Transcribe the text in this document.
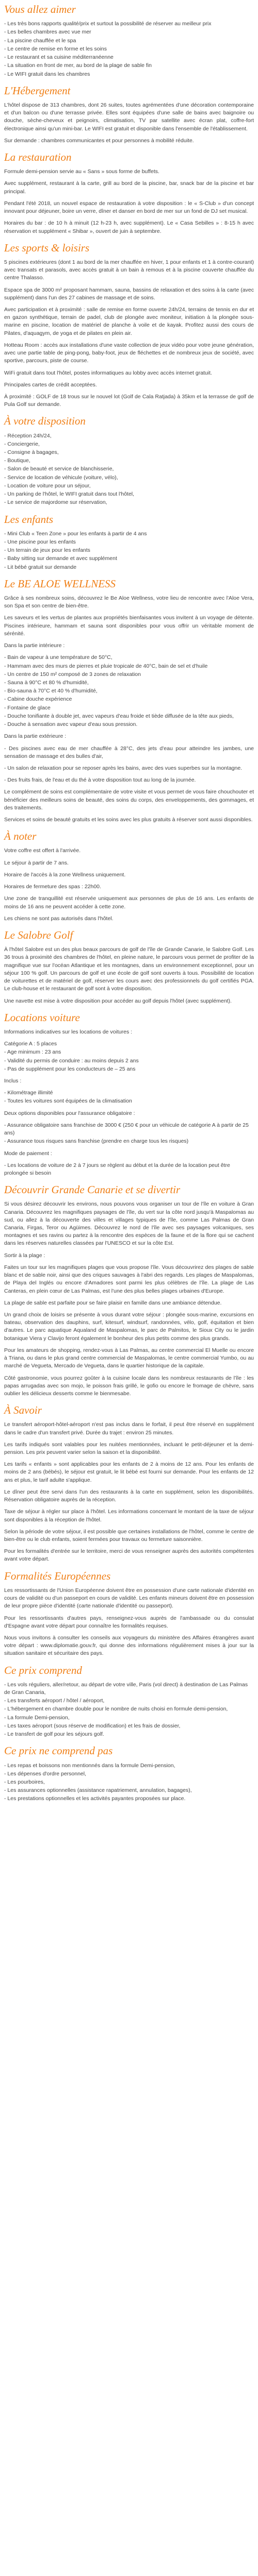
Vous allez aimer
- Les très bons rapports qualité/prix et surtout la possibilité de réserver au meilleur prix
- Les belles chambres avec vue mer
- La piscine chauffée et le spa
- Le centre de remise en forme et les soins
- Le restaurant et sa cuisine méditerranéenne
- La situation en front de mer, au bord de la plage de sable fin
- Le WIFI gratuit dans les chambres
L'Hébergement

L'hôtel dispose de 313 chambres, dont 26 suites, toutes agrémentées d'une décoration contemporaine et d'un balcon ou d'une terrasse privée. Elles sont équipées d'une salle de bains avec baignoire ou douche, sèche-cheveux et peignoirs, climatisation, TV par satellite avec écran plat, coffre-fort électronique ainsi qu'un mini-bar. Le WIFI est gratuit et disponible dans l'ensemble de l'établissement.

Sur demande : chambres communicantes et pour personnes à mobilité réduite.

La restauration

Formule demi-pension servie au « Sans » sous forme de buffets.

Avec supplément, restaurant à la carte, grill au bord de la piscine, bar, snack bar de la piscine et bar principal.

Pendant l'été 2018, un nouvel espace de restauration à votre disposition : le « S-Club » d'un concept innovant pour déjeuner, boire un verre, dîner et danser en bord de mer sur un fond de DJ set musical.

Horaires du bar : de 10 h à minuit (12 h-23 h, avec supplément). Le « Casa Sebilles » : 8-15 h avec réservation et supplément « Shibar », ouvert de juin à septembre.

Les sports & loisirs

5 piscines extérieures (dont 1 au bord de la mer chauffée en hiver, 1 pour enfants et 1 à contre-courant) avec transats et parasols, avec accès gratuit à un bain à remous et à la piscine couverte chauffée du centre Thalasso.

Espace spa de 3000 m² proposant hammam, sauna, bassins de relaxation et des soins à la carte (avec supplément) dans l'un des 27 cabines de massage et de soins.

Avec participation et à proximité : salle de remise en forme ouverte 24h/24, terrains de tennis en dur et en gazon synthétique, terrain de padel, club de plongée avec moniteur, initiation à la plongée sous-marine en piscine, location de matériel de planche à voile et de kayak. Profitez aussi des cours de Pilates, d'aquagym, de yoga et de pilates en plein air.

Hotteau Room : accès aux installations d'une vaste collection de jeux vidéo pour votre jeune génération, avec une partie table de ping-pong, baby-foot, jeux de fléchettes et de nombreux jeux de société, avec sportive, parcours, piste de course.

WiFi gratuit dans tout l'hôtel, postes informatiques au lobby avec accès internet gratuit.

Principales cartes de crédit acceptées.

À proximité : GOLF de 18 trous sur le nouvel lot (Golf de Cala Ratjada) à 35km et la terrasse de golf de Pula Golf sur demande.

À votre disposition
- Réception 24h/24,
- Conciergerie,
- Consigne à bagages,
- Boutique,
- Salon de beauté et service de blanchisserie,
- Service de location de véhicule (voiture, vélo),
- Location de voiture pour un séjour,
- Un parking de l'hôtel, le WIFI gratuit dans tout l'hôtel,
- Le service de majordome sur réservation,
Les enfants
- Mini Club « Teen Zone » pour les enfants à partir de 4 ans
- Une piscine pour les enfants
- Un terrain de jeux pour les enfants
- Baby sitting sur demande et avec supplément
- Lit bébé gratuit sur demande
Le BE ALOE WELLNESS

Grâce à ses nombreux soins, découvrez le Be Aloe Wellness, votre lieu de rencontre avec l'Aloe Vera, son Spa et son centre de bien-être.

Les saveurs et les vertus de plantes aux propriétés bienfaisantes vous invitent à un voyage de détente. Piscines intérieure, hammam et sauna sont disponibles pour vous offrir un véritable moment de sérénité.

Dans la partie intérieure :

- Bain de vapeur à une température de 50°C,
- Hammam avec des murs de pierres et pluie tropicale de 40°C, bain de sel et d'huile
- Un centre de 150 m² composé de 3 zones de relaxation
- Sauna à 90°C et 80 % d'humidité,
- Bio-sauna à 70°C et 40 % d'humidité,
- Cabine douche expérience
- Fontaine de glace
- Douche tonifiante à double jet, avec vapeurs d'eau froide et tiède diffusée de la tête aux pieds,
- Douche à sensation avec vapeur d'eau sous pression.

Dans la partie extérieure :

- Des piscines avec eau de mer chauffée à 28°C, des jets d'eau pour atteindre les jambes, une sensation de massage et des bulles d'air,

- Un salon de relaxation pour se reposer après les bains, avec des vues superbes sur la montagne.

- Des fruits frais, de l'eau et du thé à votre disposition tout au long de la journée.

Le complément de soins est complémentaire de votre visite et vous permet de vous faire chouchouter et bénéficier des meilleurs soins de beauté, des soins du corps, des enveloppements, des gommages, et des traitements.

Services et soins de beauté gratuits et les soins avec les plus gratuits à réserver sont aussi disponibles.

À noter

Votre coffre est offert à l'arrivée.

Le séjour à partir de 7 ans.

Horaire de l'accès à la zone Wellness uniquement.

Horaires de fermeture des spas : 22h00.

Une zone de tranquillité est réservée uniquement aux personnes de plus de 16 ans. Les enfants de moins de 16 ans ne peuvent accéder à cette zone.

Les chiens ne sont pas autorisés dans l'hôtel.

Le Salobre Golf

À l'hôtel Salobre est un des plus beaux parcours de golf de l'île de Grande Canarie, le Salobre Golf. Les 36 trous à proximité des chambres de l'hôtel, en pleine nature, le parcours vous permet de profiter de la magnifique vue sur l'océan Atlantique et les montagnes, dans un environnement exceptionnel, pour un séjour 100 % golf. Un parcours de golf et une école de golf sont ouverts à tous. Possibilité de location de voiturettes et de matériel de golf, réserver les cours avec des professionnels du golf certifiés PGA. Le club-house et le restaurant de golf sont à votre disposition.

Une navette est mise à votre disposition pour accéder au golf depuis l'hôtel (avec supplément).

Locations voiture

Informations indicatives sur les locations de voitures :

Catégorie A : 5 places
- Age minimum : 23 ans
- Validité du permis de conduire : au moins depuis 2 ans
- Pas de supplément pour les conducteurs de – 25 ans

Inclus :

- Kilométrage illimité
- Toutes les voitures sont équipées de la climatisation

Deux options disponibles pour l'assurance obligatoire :

- Assurance obligatoire sans franchise de 3000 € (250 € pour un véhicule de catégorie A à partir de 25 ans)
- Assurance tous risques sans franchise (prendre en charge tous les risques)

Mode de paiement :

- Les locations de voiture de 2 à 7 jours se règlent au début et la durée de la location peut être prolongée si besoin
Découvrir Grande Canarie et se divertir

Si vous désirez découvrir les environs, nous pouvons vous organiser un tour de l'île en voiture à Gran Canaria. Découvrez les magnifiques paysages de l'île, du vert sur la côte nord jusqu'à Maspalomas au sud, ou allez à la découverte des villes et villages typiques de l'île, comme Las Palmas de Gran Canaria, Firgas, Teror ou Agüimes. Découvrez le nord de l'île avec ses paysages volcaniques, ses montagnes et ses ravins ou partez à la rencontre des espèces de la faune et de la flore qui se cachent dans les réserves naturelles classées par l'UNESCO et sur la côte Est.

Sortir à la plage :

Faites un tour sur les magnifiques plages que vous propose l'île. Vous découvrirez des plages de sable blanc et de sable noir, ainsi que des criques sauvages à l'abri des regards. Les plages de Maspalomas, de Playa del Inglés ou encore d'Amadores sont parmi les plus célèbres de l'île. La plage de Las Canteras, en plein cœur de Las Palmas, est l'une des plus belles plages urbaines d'Europe.

La plage de sable est parfaite pour se faire plaisir en famille dans une ambiance détendue.

Un grand choix de loisirs se présente à vous durant votre séjour : plongée sous-marine, excursions en bateau, observation des dauphins, surf, kitesurf, windsurf, randonnées, vélo, golf, équitation et bien d'autres. Le parc aquatique Aqualand de Maspalomas, le parc de Palmitos, le Sioux City ou le jardin botanique Viera y Clavijo feront également le bonheur des plus petits comme des plus grands.

Pour les amateurs de shopping, rendez-vous à Las Palmas, au centre commercial El Muelle ou encore à Triana, ou dans le plus grand centre commercial de Maspalomas, le centre commercial Yumbo, ou au marché de Vegueta, Mercado de Vegueta, dans le quartier historique de la capitale.

Côté gastronomie, vous pourrez goûter à la cuisine locale dans les nombreux restaurants de l'île : les papas arrugadas avec son mojo, le poisson frais grillé, le gofio ou encore le fromage de chèvre, sans oublier les délicieux desserts comme le bienmesabe.

À Savoir

Le transfert aéroport-hôtel-aéroport n'est pas inclus dans le forfait, il peut être réservé en supplément dans le cadre d'un transfert privé. Durée du trajet : environ 25 minutes.

Les tarifs indiqués sont valables pour les nuitées mentionnées, incluant le petit-déjeuner et la demi-pension. Les prix peuvent varier selon la saison et la disponibilité.

Les tarifs « enfants » sont applicables pour les enfants de 2 à moins de 12 ans. Pour les enfants de moins de 2 ans (bébés), le séjour est gratuit, le lit bébé est fourni sur demande. Pour les enfants de 12 ans et plus, le tarif adulte s'applique.

Le dîner peut être servi dans l'un des restaurants à la carte en supplément, selon les disponibilités. Réservation obligatoire auprès de la réception.

Taxe de séjour à régler sur place à l'hôtel. Les informations concernant le montant de la taxe de séjour sont disponibles à la réception de l'hôtel.

Selon la période de votre séjour, il est possible que certaines installations de l'hôtel, comme le centre de bien-être ou le club enfants, soient fermées pour travaux ou fermeture saisonnière.

Pour les formalités d'entrée sur le territoire, merci de vous renseigner auprès des autorités compétentes avant votre départ.

Formalités Européennes

Les ressortissants de l'Union Européenne doivent être en possession d'une carte nationale d'identité en cours de validité ou d'un passeport en cours de validité. Les enfants mineurs doivent être en possession de leur propre pièce d'identité (carte nationale d'identité ou passeport).

Pour les ressortissants d'autres pays, renseignez-vous auprès de l'ambassade ou du consulat d'Espagne avant votre départ pour connaître les formalités requises.

Nous vous invitons à consulter les conseils aux voyageurs du ministère des Affaires étrangères avant votre départ : www.diplomatie.gouv.fr, qui donne des informations régulièrement mises à jour sur la situation sanitaire et sécuritaire des pays.

Ce prix comprend
- Les vols réguliers, aller/retour, au départ de votre ville, Paris (vol direct) à destination de Las Palmas de Gran Canaria,
- Les transferts aéroport / hôtel / aéroport,
- L'hébergement en chambre double pour le nombre de nuits choisi en formule demi-pension,
- La formule Demi-pension,
- Les taxes aéroport (sous réserve de modification) et les frais de dossier,
- Le transfert de golf pour les séjours golf.
Ce prix ne comprend pas
- Les repas et boissons non mentionnés dans la formule Demi-pension,
- Les dépenses d'ordre personnel,
- Les pourboires,
- Les assurances optionnelles (assistance rapatriement, annulation, bagages),
- Les prestations optionnelles et les activités payantes proposées sur place.
